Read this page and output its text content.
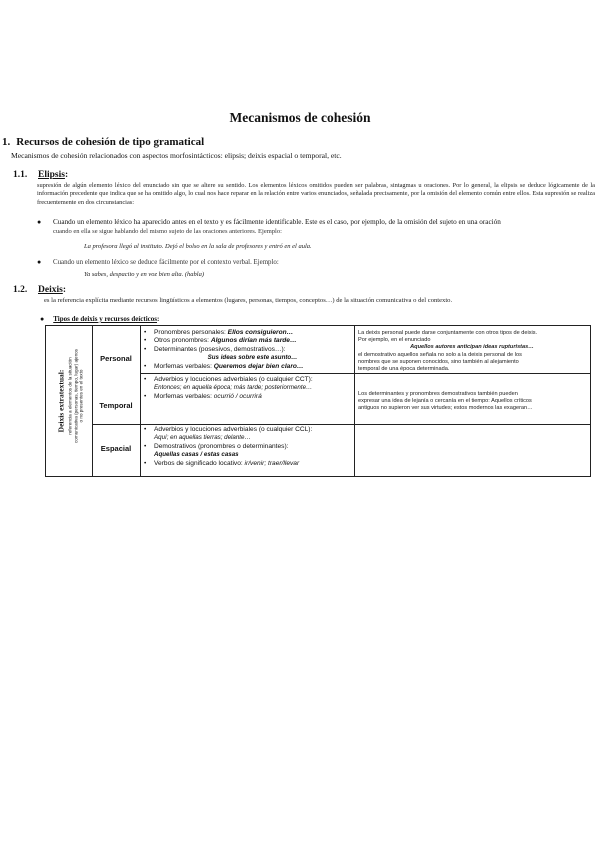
Mecanismos de cohesión
1. Recursos de cohesión de tipo gramatical
Mecanismos de cohesión relacionados con aspectos morfosintácticos: elipsis; deixis espacial o temporal, etc.
1.1. Elipsis:
supresión de algún elemento léxico del enunciado sin que se altere su sentido. Los elementos léxicos omitidos pueden ser palabras, sintagmas u oraciones. Por lo general, la elipsis se deduce lógicamente de la información precedente que indica que se ha omitido algo, lo cual nos hace reparar en la relación entre varios enunciados, señalada precisamente, por la omisión del elemento común entre ellos. Esta supresión se realiza frecuentemente en dos circunstancias:
● Cuando un elemento léxico ha aparecido antes en el texto y es fácilmente identificable. Este es el caso, por ejemplo, de la omisión del sujeto en una oración
cuando en ella se sigue hablando del mismo sujeto de las oraciones anteriores. Ejemplo:
La profesora llegó al instituto. Dejó el bolso en la sala de profesores y entró en el aula.
● Cuando un elemento léxico se deduce fácilmente por el contexto verbal. Ejemplo:
Ya sabes, despacito y en voz bien alta. (habla)
1.2. Deixis:
es la referencia explícita mediante recursos lingüísticos a elementos (lugares, personas, tiempos, conceptos…) de la situación comunicativa o del contexto.
● Tipos de deixis y recursos deícticos:
Deixis extratextual: referencia a elementos de la situación comunicativa (personas, tiempo, lugar) ajenos o no presentes en el texto
Personal
Temporal
Espacial
• Pronombres personales: Ellos consiguieron…
• Otros pronombres: Algunos dirían más tarde…
• Determinantes (posesivos, demostrativos…):
Sus ideas sobre este asunto…
• Morfemas verbales: Queremos dejar bien claro…
• Adverbios y locuciones adverbiales (o cualquier CCT):
Entonces; en aquella época; más tarde; posteriormente…
• Morfemas verbales: ocurrió / ocurrirá
• Adverbios y locuciones adverbiales (o cualquier CCL):
Aquí; en aquellas tierras; delante…
• Demostrativos (pronombres o determinantes):
Aquellas casas / estas casas
• Verbos de significado locativo: ir/venir; traer/llevar

La deixis personal puede darse conjuntamente con otros tipos de deixis.

Por ejemplo, en el enunciado

Aquellos autores anticipan ideas rupturistas…

el demostrativo aquellos señala no solo a la deixis personal de los

nombres que se suponen conocidos, sino también al alejamiento

temporal de una época determinada.

Los determinantes y pronombres demostrativos también pueden

expresar una idea de lejanía o cercanía en el tiempo: Aquellos críticos

antiguos no supieron ver sus virtudes; estos modernos las exageran…
